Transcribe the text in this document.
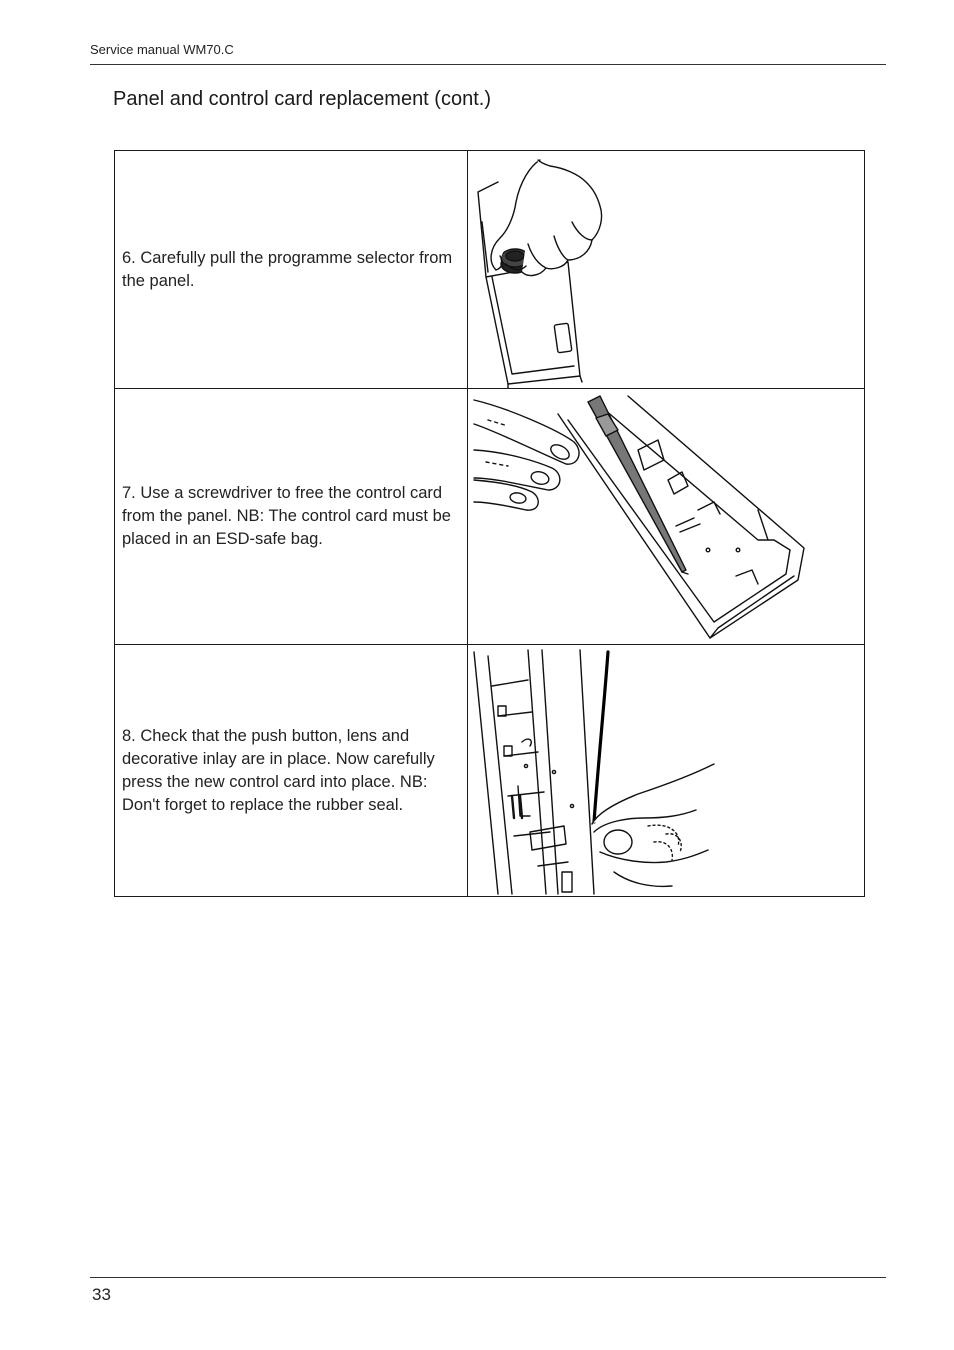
Service manual WM70.C
Panel and control card replacement (cont.)
6. Carefully pull the programme selector from the panel.

7. Use a screwdriver to free the control card from the panel. NB: The control card must be placed in an ESD-safe bag.

8. Check that the push button, lens and decorative inlay are in place. Now carefully press the new control card into place. NB: Don't forget to replace the rubber seal.

33
